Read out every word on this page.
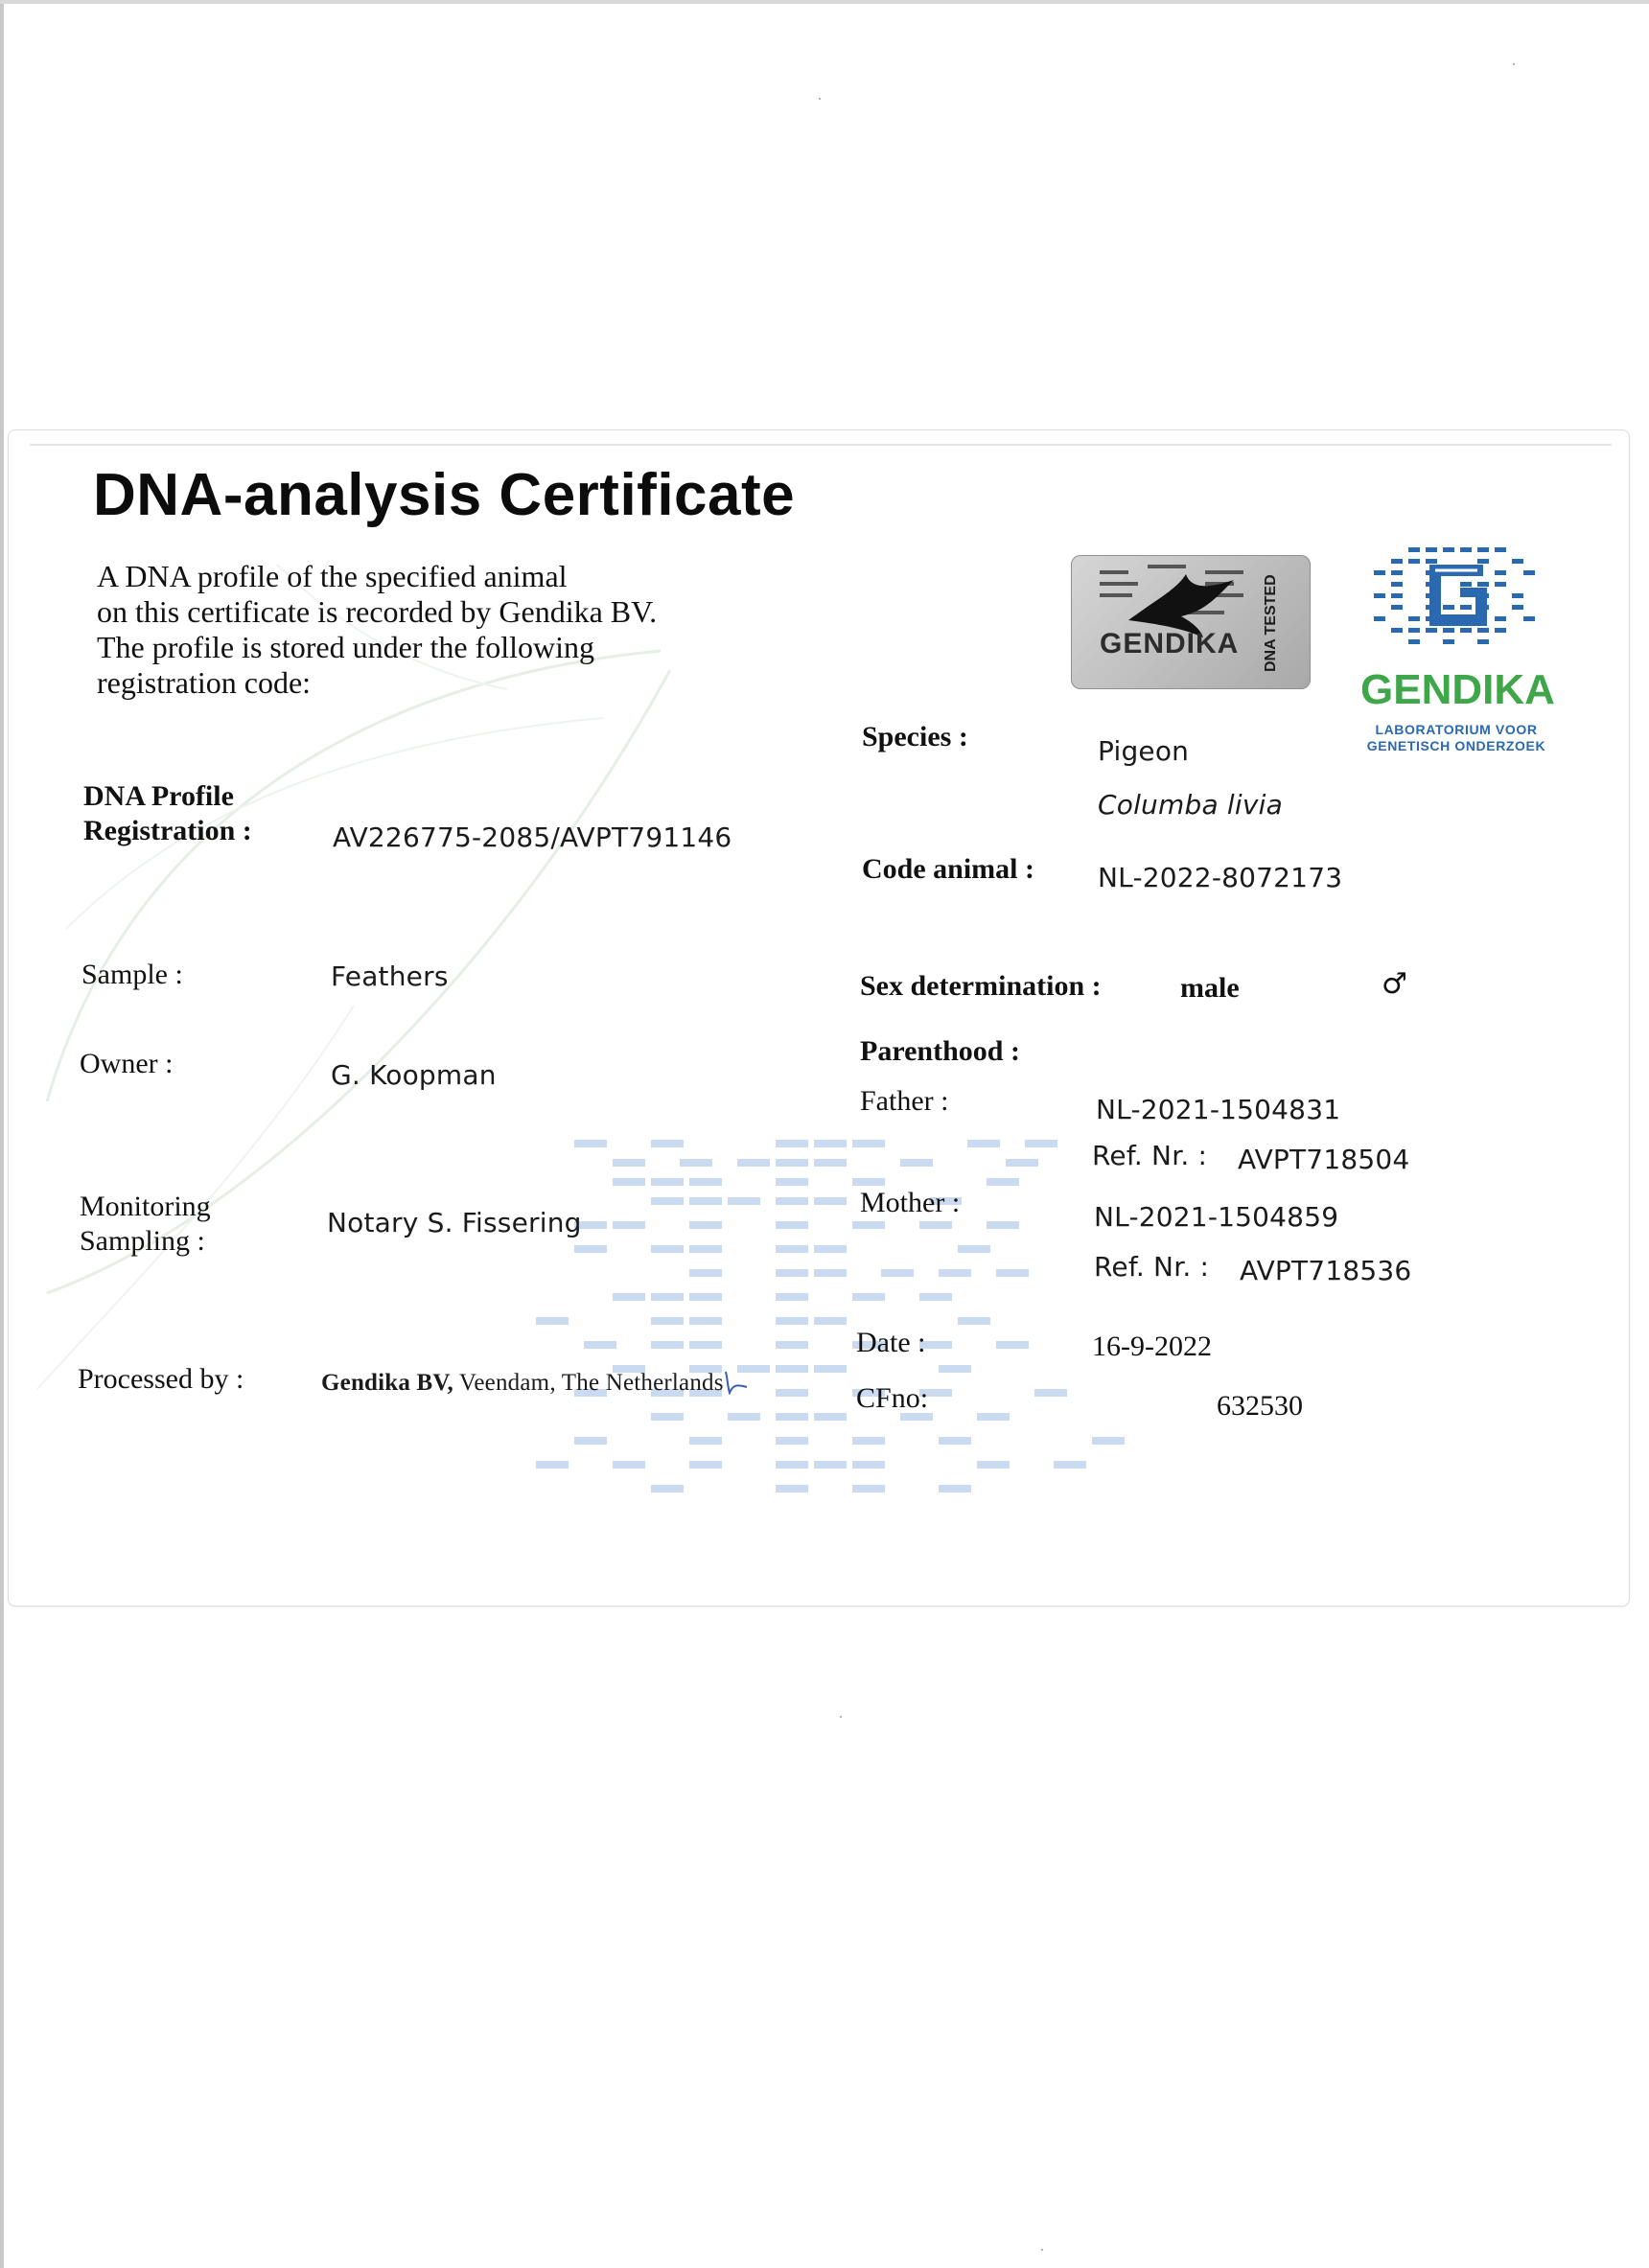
DNA-analysis Certificate
A DNA profile of the specified animal
on this certificate is recorded by Gendika BV.
The profile is stored under the following
registration code:
GENDIKA DNA TESTED
GENDIKA
LABORATORIUM VOOR
GENETISCH ONDERZOEK
DNA Profile
Registration :	AV226775-2085/AVPT791146
Sample :	Feathers
Owner :	G. Koopman
Monitoring
Sampling :
Notary S. Fissering
Processed by :	Gendika BV, Veendam, The Netherlands
Species :	Pigeon
Columba livia
Code animal : NL-2022-8072173
Sex determination :	male	♂
Parenthood :
Father :	NL-2021-1504831
Ref. Nr. : AVPT718504
Mother :	NL-2021-1504859
Ref. Nr. : AVPT718536
Date :	16-9-2022
CFno:	632530
